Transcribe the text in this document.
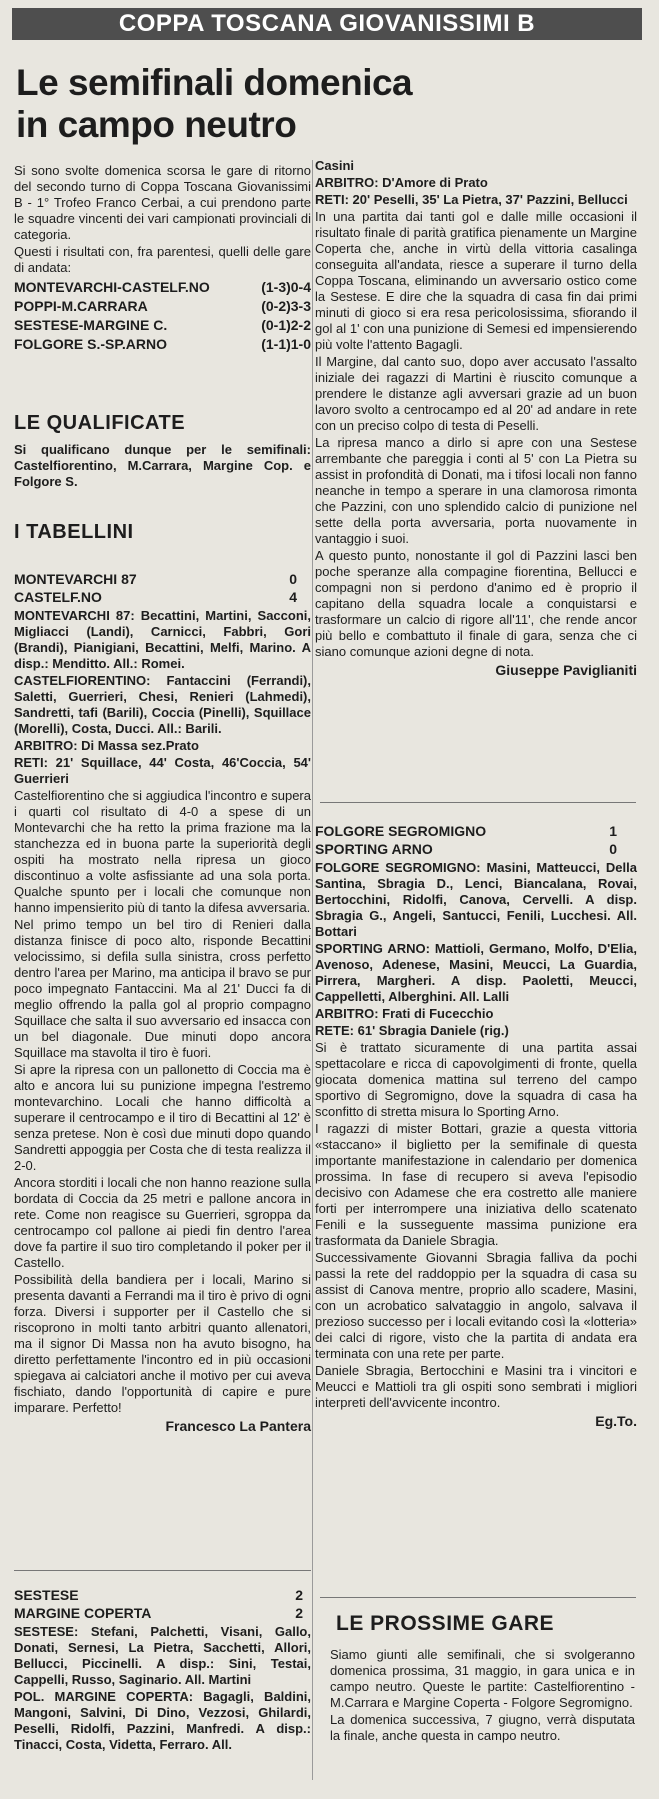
COPPA TOSCANA GIOVANISSIMI B
Le semifinali domenica
in campo neutro

Si sono svolte domenica scorsa le gare di ritorno del secondo turno di Coppa Toscana Giovanissimi B - 1° Trofeo Franco Cerbai, a cui prendono parte le squadre vincenti dei vari campionati provinciali di categoria.

Questi i risultati con, fra parentesi, quelli delle gare di andata:

MONTEVARCHI-CASTELF.NO	(1-3)0-4
POPPI-M.CARRARA	(0-2)3-3
SESTESE-MARGINE C.	(0-1)2-2
FOLGORE S.-SP.ARNO	(1-1)1-0
LE QUALIFICATE
Si qualificano dunque per le semifinali: Castelfiorentino, M.Carrara, Margine Cop. e Folgore S.
I TABELLINI
MONTEVARCHI 87	0
CASTELF.NO	4

MONTEVARCHI 87: Becattini, Martini, Sacconi, Migliacci (Landi), Carnicci, Fabbri, Gori (Brandi), Pianigiani, Becattini, Melfi, Marino. A disp.: Menditto. All.: Romei.

CASTELFIORENTINO: Fantaccini (Ferrandi), Saletti, Guerrieri, Chesi, Renieri (Lahmedi), Sandretti, tafi (Barili), Coccia (Pinelli), Squillace (Morelli), Costa, Ducci. All.: Barili.

ARBITRO: Di Massa sez.Prato

RETI: 21' Squillace, 44' Costa, 46'Coccia, 54' Guerrieri

Castelfiorentino che si aggiudica l'incontro e supera i quarti col risultato di 4-0 a spese di un Montevarchi che ha retto la prima frazione ma la stanchezza ed in buona parte la superiorità degli ospiti ha mostrato nella ripresa un gioco discontinuo a volte asfissiante ad una sola porta. Qualche spunto per i locali che comunque non hanno impensierito più di tanto la difesa avversaria.

Nel primo tempo un bel tiro di Renieri dalla distanza finisce di poco alto, risponde Becattini velocissimo, si defila sulla sinistra, cross perfetto dentro l'area per Marino, ma anticipa il bravo se pur poco impegnato Fantaccini. Ma al 21' Ducci fa di meglio offrendo la palla gol al proprio compagno Squillace che salta il suo avversario ed insacca con un bel diagonale. Due minuti dopo ancora Squillace ma stavolta il tiro è fuori.

Si apre la ripresa con un pallonetto di Coccia ma è alto e ancora lui su punizione impegna l'estremo montevarchino. Locali che hanno difficoltà a superare il centrocampo e il tiro di Becattini al 12' è senza pretese. Non è così due minuti dopo quando Sandretti appoggia per Costa che di testa realizza il 2-0.

Ancora storditi i locali che non hanno reazione sulla bordata di Coccia da 25 metri e pallone ancora in rete. Come non reagisce su Guerrieri, sgroppa da centrocampo col pallone ai piedi fin dentro l'area dove fa partire il suo tiro completando il poker per il Castello.

Possibilità della bandiera per i locali, Marino si presenta davanti a Ferrandi ma il tiro è privo di ogni forza. Diversi i supporter per il Castello che si riscoprono in molti tanto arbitri quanto allenatori, ma il signor Di Massa non ha avuto bisogno, ha diretto perfettamente l'incontro ed in più occasioni spiegava ai calciatori anche il motivo per cui aveva fischiato, dando l'opportunità di capire e pure imparare. Perfetto!

Francesco La Pantera
SESTESE	2
MARGINE COPERTA	2

SESTESE: Stefani, Palchetti, Visani, Gallo, Donati, Sernesi, La Pietra, Sacchetti, Allori, Bellucci, Piccinelli. A disp.: Sini, Testai, Cappelli, Russo, Saginario. All. Martini

POL. MARGINE COPERTA: Bagagli, Baldini, Mangoni, Salvini, Di Dino, Vezzosi, Ghilardi, Peselli, Ridolfi, Pazzini, Manfredi. A disp.: Tinacci, Costa, Videtta, Ferraro. All.

Casini

ARBITRO: D'Amore di Prato

RETI: 20' Peselli, 35' La Pietra, 37' Pazzini, Bellucci

In una partita dai tanti gol e dalle mille occasioni il risultato finale di parità gratifica pienamente un Margine Coperta che, anche in virtù della vittoria casalinga conseguita all'andata, riesce a superare il turno della Coppa Toscana, eliminando un avversario ostico come la Sestese. E dire che la squadra di casa fin dai primi minuti di gioco si era resa pericolosissima, sfiorando il gol al 1' con una punizione di Semesi ed impensierendo più volte l'attento Bagagli.

Il Margine, dal canto suo, dopo aver accusato l'assalto iniziale dei ragazzi di Martini è riuscito comunque a prendere le distanze agli avversari grazie ad un buon lavoro svolto a centrocampo ed al 20' ad andare in rete con un preciso colpo di testa di Peselli.

La ripresa manco a dirlo si apre con una Sestese arrembante che pareggia i conti al 5' con La Pietra su assist in profondità di Donati, ma i tifosi locali non fanno neanche in tempo a sperare in una clamorosa rimonta che Pazzini, con uno splendido calcio di punizione nel sette della porta avversaria, porta nuovamente in vantaggio i suoi.

A questo punto, nonostante il gol di Pazzini lasci ben poche speranze alla compagine fiorentina, Bellucci e compagni non si perdono d'animo ed è proprio il capitano della squadra locale a conquistarsi e trasformare un calcio di rigore all'11', che rende ancor più bello e combattuto il finale di gara, senza che ci siano comunque azioni degne di nota.

Giuseppe Paviglianiti
FOLGORE SEGROMIGNO	1
SPORTING ARNO	0

FOLGORE SEGROMIGNO: Masini, Matteucci, Della Santina, Sbragia D., Lenci, Biancalana, Rovai, Bertocchini, Ridolfi, Canova, Cervelli. A disp. Sbragia G., Angeli, Santucci, Fenili, Lucchesi. All. Bottari

SPORTING ARNO: Mattioli, Germano, Molfo, D'Elia, Avenoso, Adenese, Masini, Meucci, La Guardia, Pirrera, Margheri. A disp. Paoletti, Meucci, Cappelletti, Alberghini. All. Lalli

ARBITRO: Frati di Fucecchio

RETE: 61' Sbragia Daniele (rig.)

Si è trattato sicuramente di una partita assai spettacolare e ricca di capovolgimenti di fronte, quella giocata domenica mattina sul terreno del campo sportivo di Segromigno, dove la squadra di casa ha sconfitto di stretta misura lo Sporting Arno.

I ragazzi di mister Bottari, grazie a questa vittoria «staccano» il biglietto per la semifinale di questa importante manifestazione in calendario per domenica prossima. In fase di recupero si aveva l'episodio decisivo con Adamese che era costretto alle maniere forti per interrompere una iniziativa dello scatenato Fenili e la susseguente massima punizione era trasformata da Daniele Sbragia.

Successivamente Giovanni Sbragia falliva da pochi passi la rete del raddoppio per la squadra di casa su assist di Canova mentre, proprio allo scadere, Masini, con un acrobatico salvataggio in angolo, salvava il prezioso successo per i locali evitando così la «lotteria» dei calci di rigore, visto che la partita di andata era terminata con una rete per parte.

Daniele Sbragia, Bertocchini e Masini tra i vincitori e Meucci e Mattioli tra gli ospiti sono sembrati i migliori interpreti dell'avvicente incontro.

Eg.To.
LE PROSSIME GARE

Siamo giunti alle semifinali, che si svolgeranno domenica prossima, 31 maggio, in gara unica e in campo neutro. Queste le partite: Castelfiorentino - M.Carrara e Margine Coperta - Folgore Segromigno.

La domenica successiva, 7 giugno, verrà disputata la finale, anche questa in campo neutro.
